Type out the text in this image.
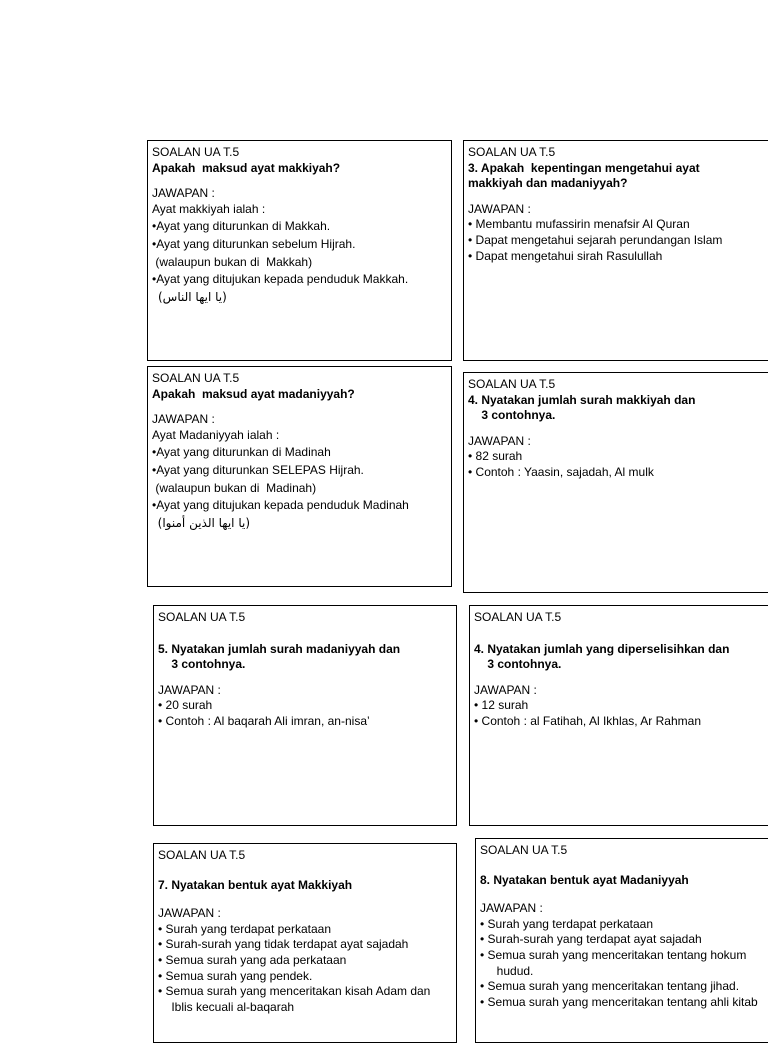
SOALAN UA T.5
Apakah  maksud ayat makkiyah?
JAWAPAN :
Ayat makkiyah ialah :
•Ayat yang diturunkan di Makkah.
•Ayat yang diturunkan sebelum Hijrah.
(walaupun bukan di  Makkah)
•Ayat yang ditujukan kepada penduduk Makkah.
(يا ايها الناس)
SOALAN UA T.5
3. Apakah  kepentingan mengetahui ayat
makkiyah dan madaniyyah?
JAWAPAN :
• Membantu mufassirin menafsir Al Quran
• Dapat mengetahui sejarah perundangan Islam
• Dapat mengetahui sirah Rasulullah
SOALAN UA T.5
Apakah  maksud ayat madaniyyah?
JAWAPAN :
Ayat Madaniyyah ialah :
•Ayat yang diturunkan di Madinah
•Ayat yang diturunkan SELEPAS Hijrah.
(walaupun bukan di  Madinah)
•Ayat yang ditujukan kepada penduduk Madinah
(يا ايها الذين أمنوا)
SOALAN UA T.5
4. Nyatakan jumlah surah makkiyah dan
3 contohnya.
JAWAPAN :
• 82 surah
• Contoh : Yaasin, sajadah, Al mulk
SOALAN UA T.5
5. Nyatakan jumlah surah madaniyyah dan
3 contohnya.
JAWAPAN :
• 20 surah
• Contoh : Al baqarah Ali imran, an-nisa’
SOALAN UA T.5
4. Nyatakan jumlah yang diperselisihkan dan
3 contohnya.
JAWAPAN :
• 12 surah
• Contoh : al Fatihah, Al Ikhlas, Ar Rahman
SOALAN UA T.5
7. Nyatakan bentuk ayat Makkiyah
JAWAPAN :
• Surah yang terdapat perkataan
• Surah-surah yang tidak terdapat ayat sajadah
• Semua surah yang ada perkataan
• Semua surah yang pendek.
• Semua surah yang menceritakan kisah Adam dan
Iblis kecuali al-baqarah
SOALAN UA T.5
8. Nyatakan bentuk ayat Madaniyyah
JAWAPAN :
• Surah yang terdapat perkataan
• Surah-surah yang terdapat ayat sajadah
• Semua surah yang menceritakan tentang hokum
hudud.
• Semua surah yang menceritakan tentang jihad.
• Semua surah yang menceritakan tentang ahli kitab
